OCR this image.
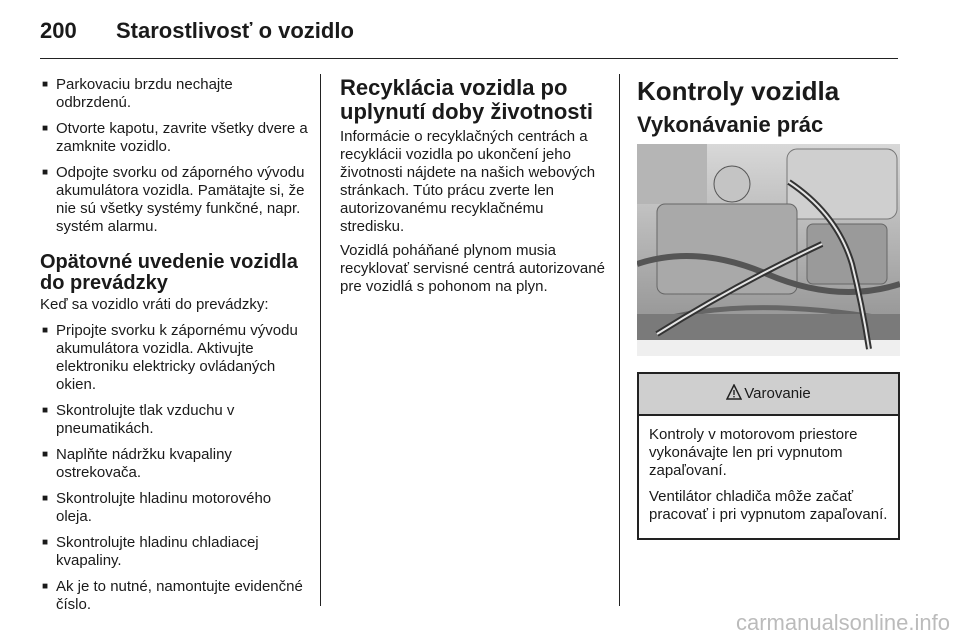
200 Starostlivosť o vozidlo
■ Parkovaciu brzdu nechajte odbrzdenú.
■ Otvorte kapotu, zavrite všetky dvere a zamknite vozidlo.
■ Odpojte svorku od záporného vývodu akumulátora vozidla. Pamätajte si, že nie sú všetky systémy funkčné, napr. systém alarmu.
Opätovné uvedenie vozidla do prevádzky

Keď sa vozidlo vráti do prevádzky:

■ Pripojte svorku k zápornému vývodu akumulátora vozidla. Aktivujte elektroniku elektricky ovládaných okien.
■ Skontrolujte tlak vzduchu v pneumatikách.
■ Naplňte nádržku kvapaliny ostrekovača.
■ Skontrolujte hladinu motorového oleja.
■ Skontrolujte hladinu chladiacej kvapaliny.
■ Ak je to nutné, namontujte evidenčné číslo.
Recyklácia vozidla po uplynutí doby životnosti

Informácie o recyklačných centrách a recyklácii vozidla po ukončení jeho životnosti nájdete na našich webových stránkach. Túto prácu zverte len autorizovanému recyklačnému stredisku.

Vozidlá poháňané plynom musia recyklovať servisné centrá autorizované pre vozidlá s pohonom na plyn.

Kontroly vozidla
Vykonávanie prác
Varovanie

Kontroly v motorovom priestore vykonávajte len pri vypnutom zapaľovaní.

Ventilátor chladiča môže začať pracovať i pri vypnutom zapaľovaní.

carmanualsonline.info
